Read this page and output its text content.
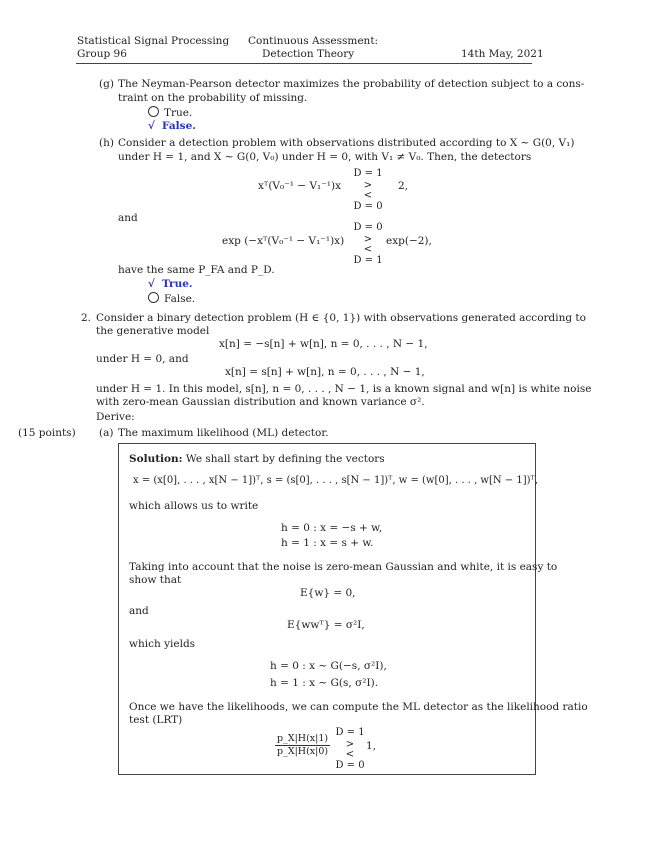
Statistical Signal Processing
Group 96
Continuous Assessment:
Detection Theory	14th May, 2021
(g) The Neyman-Pearson detector maximizes the probability of detection subject to a cons-
traint on the probability of missing.
True.
√ False.
(h) Consider a detection problem with observations distributed according to X ∼ G(0, V₁)
under H = 1, and X ∼ G(0, V₀) under H = 0, with V₁ ≠ V₀. Then, the detectors
xᵀ(V₀⁻¹ − V₁⁻¹)x
D = 1
>
<
D = 0
2,
and
exp (−xᵀ(V₀⁻¹ − V₁⁻¹)x)
D = 0
>
<
D = 1
exp(−2),
have the same P_FA and P_D.
√ True.
False.
2. Consider a binary detection problem (H ∈ {0, 1}) with observations generated according to
the generative model
x[n] = −s[n] + w[n], n = 0, . . . , N − 1,
under H = 0, and
x[n] = s[n] + w[n], n = 0, . . . , N − 1,
under H = 1. In this model, s[n], n = 0, . . . , N − 1, is a known signal and w[n] is white noise
with zero-mean Gaussian distribution and known variance σ².
Derive:
(15 points) (a) The maximum likelihood (ML) detector.
Solution: We shall start by defining the vectors
x = (x[0], . . . , x[N − 1])ᵀ, s = (s[0], . . . , s[N − 1])ᵀ, w = (w[0], . . . , w[N − 1])ᵀ,
which allows us to write
h = 0 : x = −s + w,
h = 1 : x = s + w.
Taking into account that the noise is zero-mean Gaussian and white, it is easy to
show that
E{w} = 0,
and
E{wwᵀ} = σ²I,
which yields
h = 0 : x ∼ G(−s, σ²I),
h = 1 : x ∼ G(s, σ²I).
Once we have the likelihoods, we can compute the ML detector as the likelihood ratio
test (LRT)
$\frac{p\_X|H(x|1)}{p\_X|H(x|0)}$
D = 1
>
<
D = 0
1,
